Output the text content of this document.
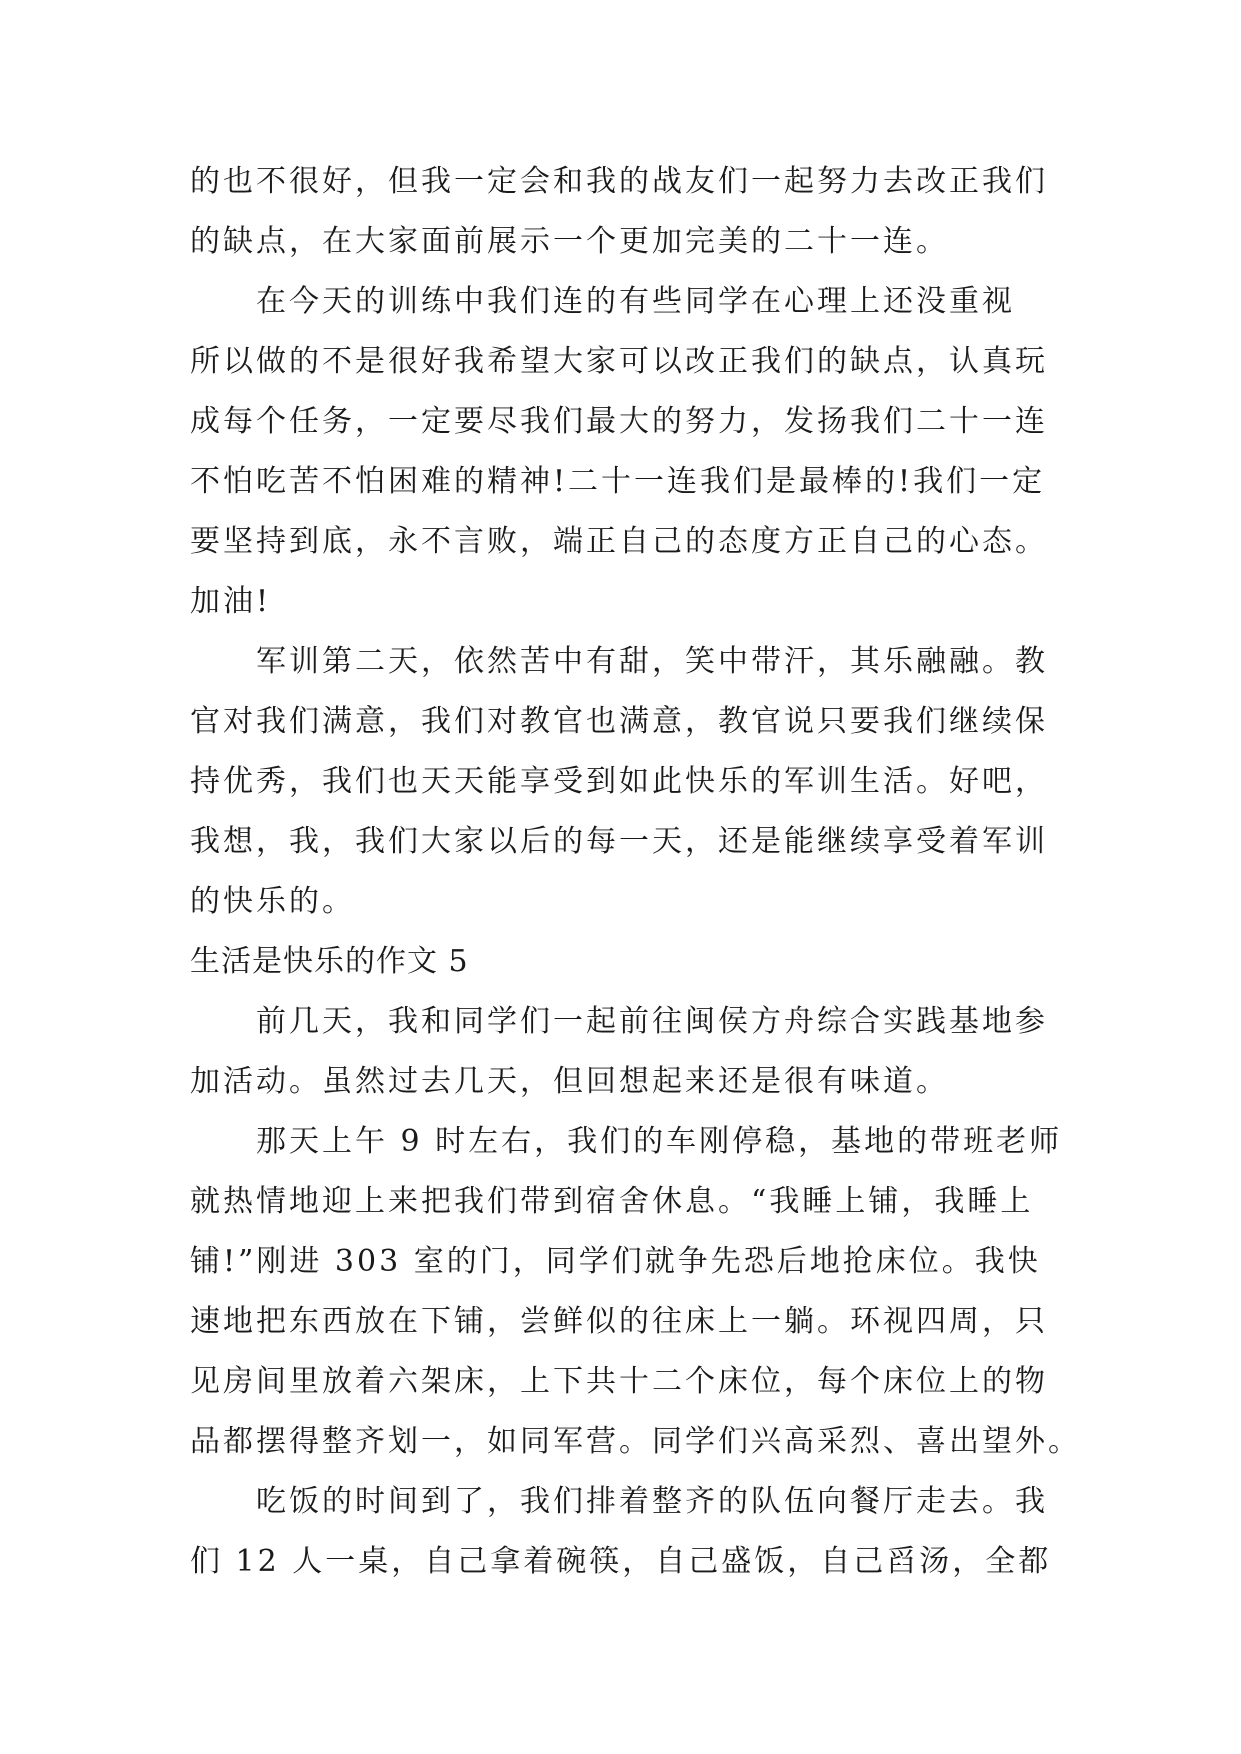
的也不很好，但我一定会和我的战友们一起努力去改正我们
的缺点，在大家面前展示一个更加完美的二十一连。
在今天的训练中我们连的有些同学在心理上还没重视
所以做的不是很好我希望大家可以改正我们的缺点，认真玩
成每个任务，一定要尽我们最大的努力，发扬我们二十一连
不怕吃苦不怕困难的精神!二十一连我们是最棒的!我们一定
要坚持到底，永不言败，端正自己的态度方正自己的心态。
加油!
军训第二天，依然苦中有甜，笑中带汗，其乐融融。教
官对我们满意，我们对教官也满意，教官说只要我们继续保
持优秀，我们也天天能享受到如此快乐的军训生活。好吧，
我想，我，我们大家以后的每一天，还是能继续享受着军训
的快乐的。
生活是快乐的作文 5
前几天，我和同学们一起前往闽侯方舟综合实践基地参
加活动。虽然过去几天，但回想起来还是很有味道。
那天上午 9 时左右，我们的车刚停稳，基地的带班老师
就热情地迎上来把我们带到宿舍休息。“我睡上铺，我睡上
铺!”刚进 303 室的门，同学们就争先恐后地抢床位。我快
速地把东西放在下铺，尝鲜似的往床上一躺。环视四周，只
见房间里放着六架床，上下共十二个床位，每个床位上的物
品都摆得整齐划一，如同军营。同学们兴高采烈、喜出望外。
吃饭的时间到了，我们排着整齐的队伍向餐厅走去。我
们 12 人一桌，自己拿着碗筷，自己盛饭，自己舀汤，全都
